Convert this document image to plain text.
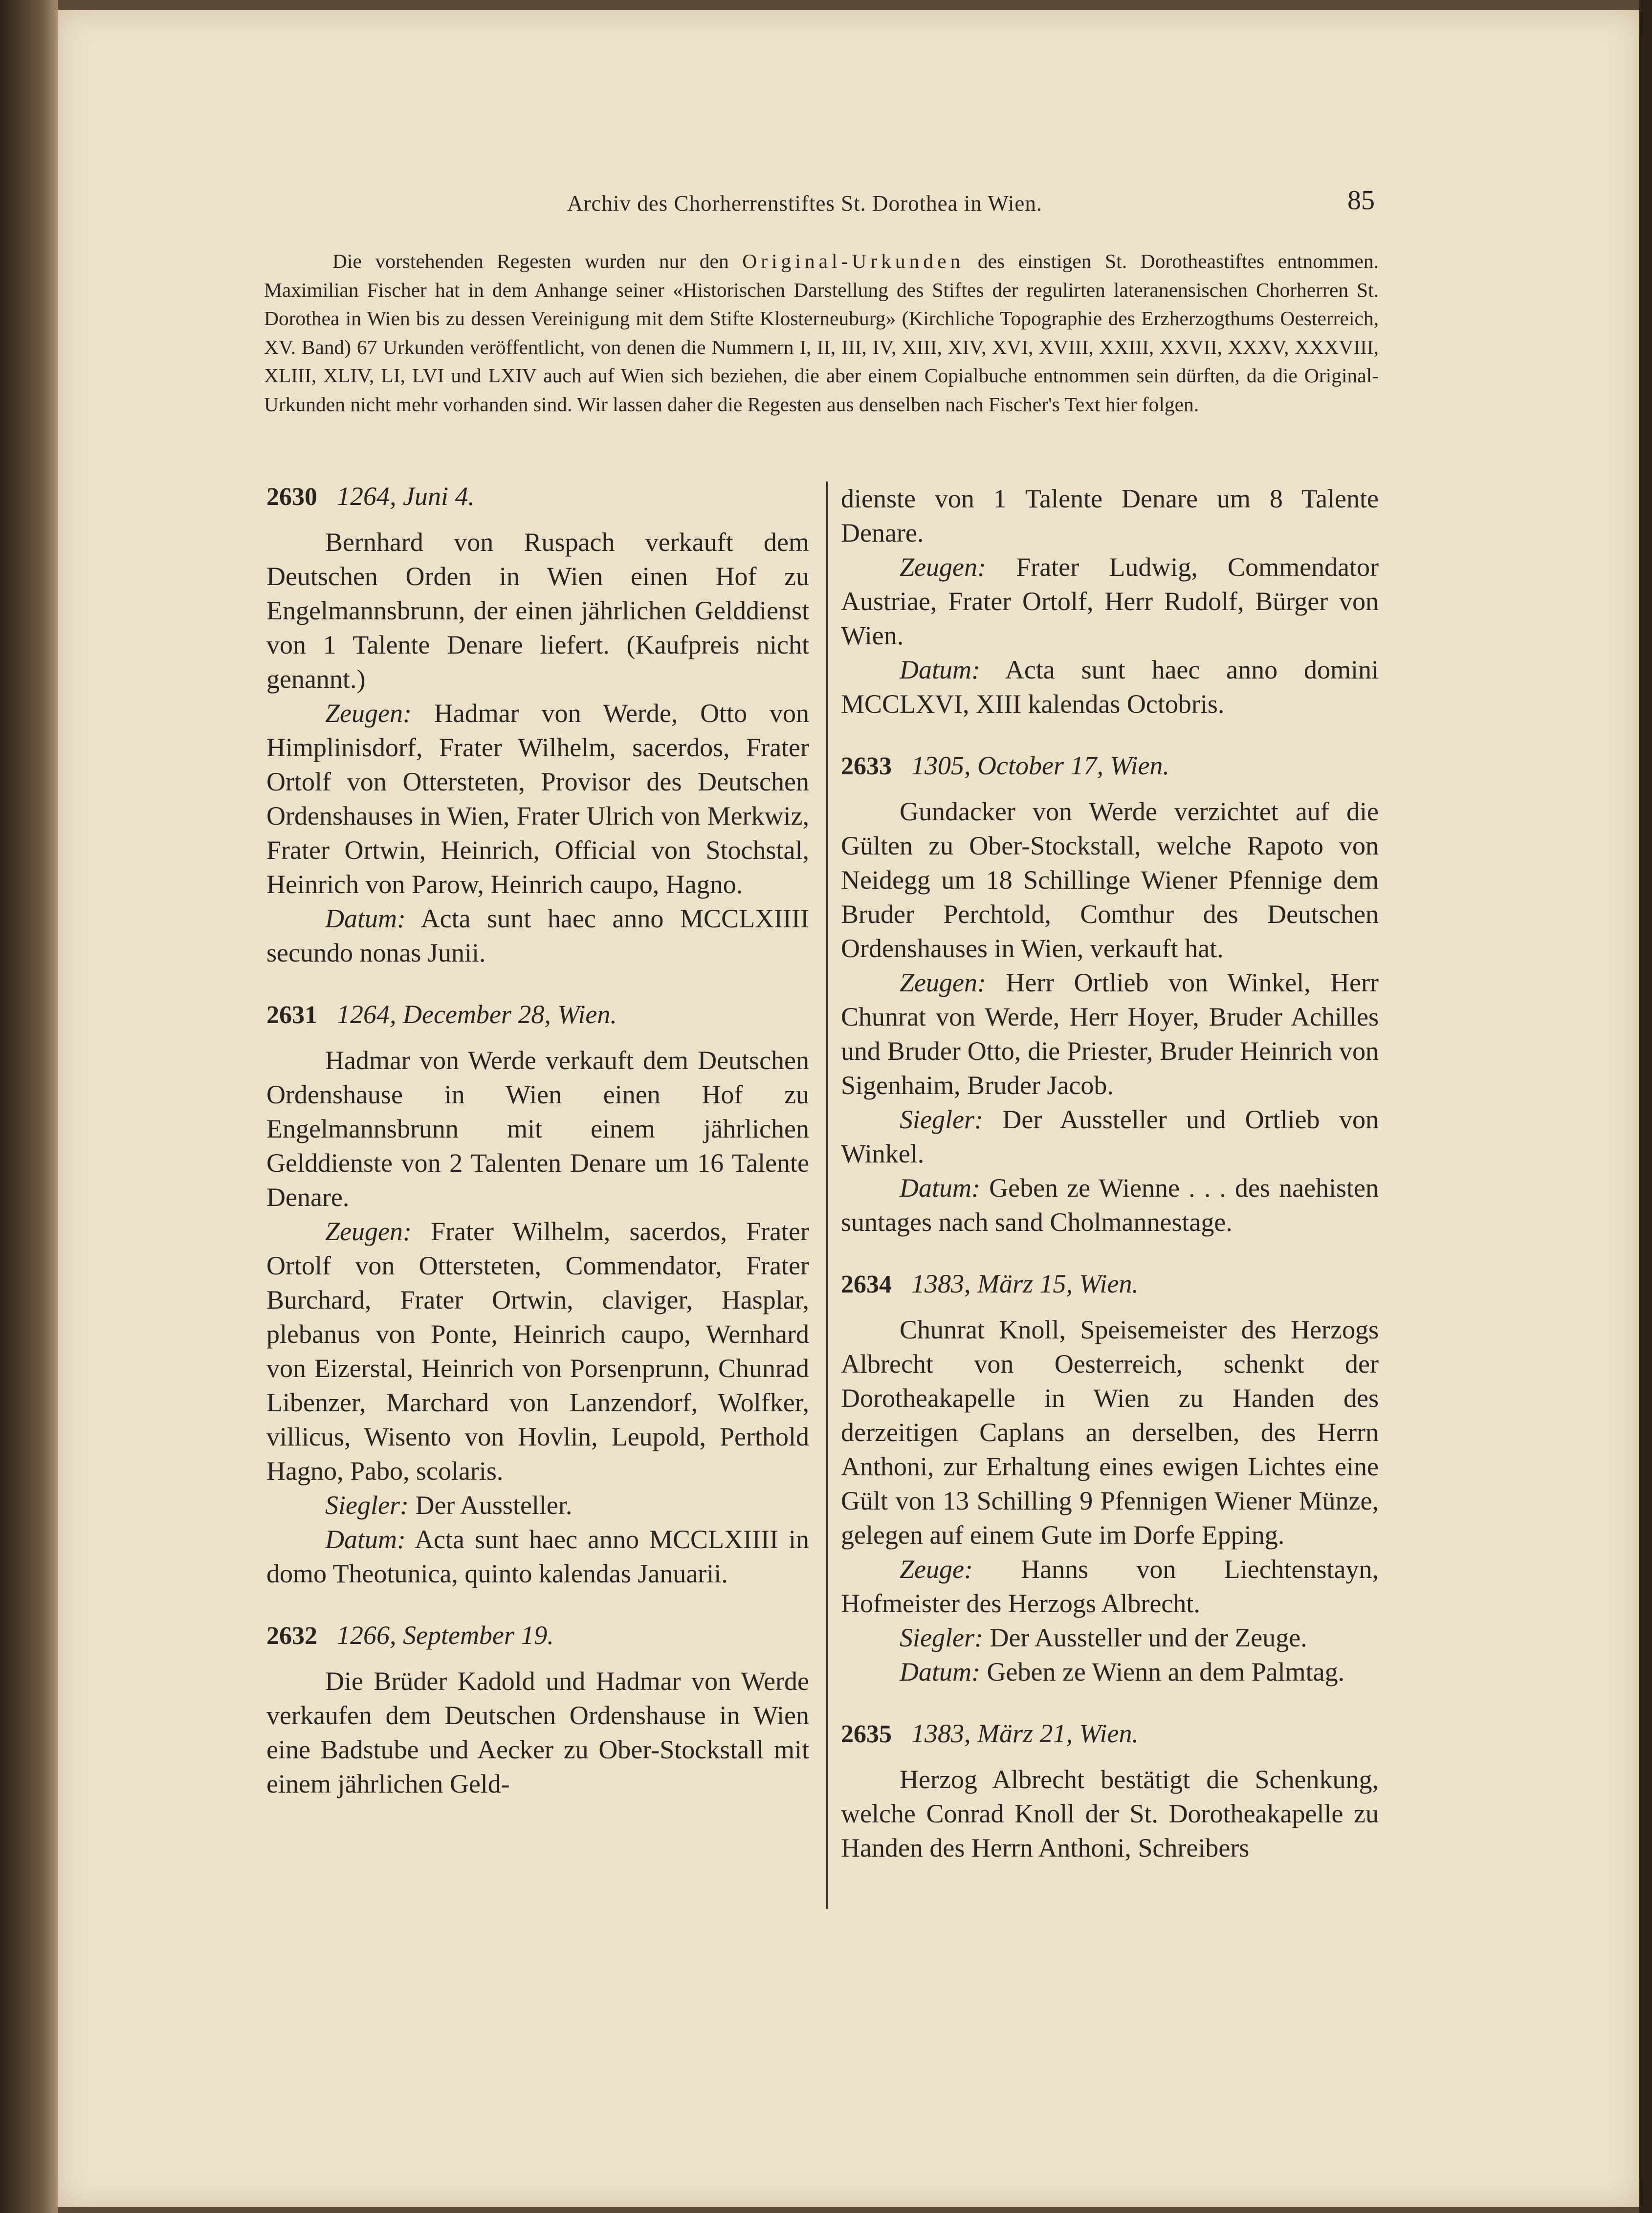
Archiv des Chorherrenstiftes St. Dorothea in Wien.	85
Die vorstehenden Regesten wurden nur den Original-Urkunden des einstigen St. Dorotheastiftes entnommen. Maximilian Fischer hat in dem Anhange seiner «Historischen Darstellung des Stiftes der regulirten lateranensischen Chorherren St. Dorothea in Wien bis zu dessen Vereinigung mit dem Stifte Klosterneuburg» (Kirchliche Topographie des Erzherzogthums Oesterreich, XV. Band) 67 Urkunden veröffentlicht, von denen die Nummern I, II, III, IV, XIII, XIV, XVI, XVIII, XXIII, XXVII, XXXV, XXXVIII, XLIII, XLIV, LI, LVI und LXIV auch auf Wien sich beziehen, die aber einem Copialbuche entnommen sein dürften, da die Original-Urkunden nicht mehr vorhanden sind. Wir lassen daher die Regesten aus denselben nach Fischer's Text hier folgen.
2630 1264, Juni 4.

Bernhard von Ruspach verkauft dem Deutschen Orden in Wien einen Hof zu Engelmannsbrunn, der einen jährlichen Gelddienst von 1 Talente Denare liefert. (Kaufpreis nicht genannt.)

Zeugen: Hadmar von Werde, Otto von Himplinisdorf, Frater Wilhelm, sacerdos, Frater Ortolf von Ottersteten, Provisor des Deutschen Ordenshauses in Wien, Frater Ulrich von Merkwiz, Frater Ortwin, Heinrich, Official von Stochstal, Heinrich von Parow, Heinrich caupo, Hagno.

Datum: Acta sunt haec anno MCCLXIIII secundo nonas Junii.

2631 1264, December 28, Wien.

Hadmar von Werde verkauft dem Deutschen Ordenshause in Wien einen Hof zu Engelmannsbrunn mit einem jährlichen Gelddienste von 2 Talenten Denare um 16 Talente Denare.

Zeugen: Frater Wilhelm, sacerdos, Frater Ortolf von Ottersteten, Commendator, Frater Burchard, Frater Ortwin, claviger, Hasplar, plebanus von Ponte, Heinrich caupo, Wernhard von Eizerstal, Heinrich von Porsenprunn, Chunrad Libenzer, Marchard von Lanzendorf, Wolfker, villicus, Wisento von Hovlin, Leupold, Perthold Hagno, Pabo, scolaris.

Siegler: Der Aussteller.

Datum: Acta sunt haec anno MCCLXIIII in domo Theotunica, quinto kalendas Januarii.

2632 1266, September 19.

Die Brüder Kadold und Hadmar von Werde verkaufen dem Deutschen Ordenshause in Wien eine Badstube und Aecker zu Ober-Stockstall mit einem jährlichen Geld-

dienste von 1 Talente Denare um 8 Talente Denare.

Zeugen: Frater Ludwig, Commendator Austriae, Frater Ortolf, Herr Rudolf, Bürger von Wien.

Datum: Acta sunt haec anno domini MCCLXVI, XIII kalendas Octobris.

2633 1305, October 17, Wien.

Gundacker von Werde verzichtet auf die Gülten zu Ober-Stockstall, welche Rapoto von Neidegg um 18 Schillinge Wiener Pfennige dem Bruder Perchtold, Comthur des Deutschen Ordenshauses in Wien, verkauft hat.

Zeugen: Herr Ortlieb von Winkel, Herr Chunrat von Werde, Herr Hoyer, Bruder Achilles und Bruder Otto, die Priester, Bruder Heinrich von Sigenhaim, Bruder Jacob.

Siegler: Der Aussteller und Ortlieb von Winkel.

Datum: Geben ze Wienne . . . des naehisten suntages nach sand Cholmannestage.

2634 1383, März 15, Wien.

Chunrat Knoll, Speisemeister des Herzogs Albrecht von Oesterreich, schenkt der Dorotheakapelle in Wien zu Handen des derzeitigen Caplans an derselben, des Herrn Anthoni, zur Erhaltung eines ewigen Lichtes eine Gült von 13 Schilling 9 Pfennigen Wiener Münze, gelegen auf einem Gute im Dorfe Epping.

Zeuge: Hanns von Liechtenstayn, Hofmeister des Herzogs Albrecht.

Siegler: Der Aussteller und der Zeuge.

Datum: Geben ze Wienn an dem Palmtag.

2635 1383, März 21, Wien.

Herzog Albrecht bestätigt die Schenkung, welche Conrad Knoll der St. Dorotheakapelle zu Handen des Herrn Anthoni, Schreibers
